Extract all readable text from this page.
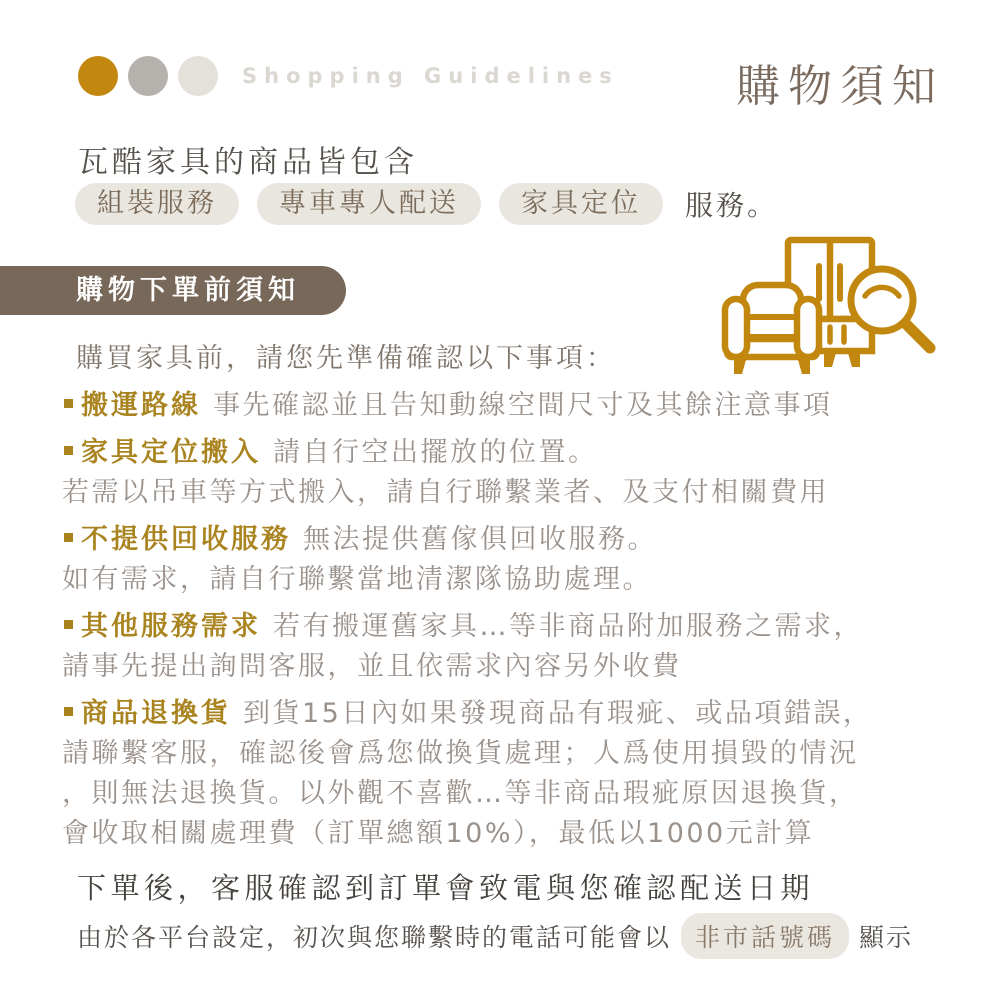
Shopping Guidelines	購物須知
瓦酷家具的商品皆包含
組裝服務	專車專人配送	家具定位	服務。
購物下單前須知
購買家具前，請您先準備確認以下事項：
搬運路線 事先確認並且告知動線空間尺寸及其餘注意事項
家具定位搬入 請自行空出擺放的位置。
若需以吊車等方式搬入，請自行聯繫業者、及支付相關費用
不提供回收服務 無法提供舊傢俱回收服務。
如有需求，請自行聯繫當地清潔隊協助處理。
其他服務需求 若有搬運舊家具…等非商品附加服務之需求，
請事先提出詢問客服，並且依需求內容另外收費
商品退換貨 到貨15日內如果發現商品有瑕疵、或品項錯誤，
請聯繫客服，確認後會爲您做換貨處理；人爲使用損毀的情況
，則無法退換貨。以外觀不喜歡…等非商品瑕疵原因退換貨，
會收取相關處理費（訂單總額10%），最低以1000元計算
下單後，客服確認到訂單會致電與您確認配送日期
由於各平台設定，初次與您聯繫時的電話可能會以 非市話號碼 顯示
